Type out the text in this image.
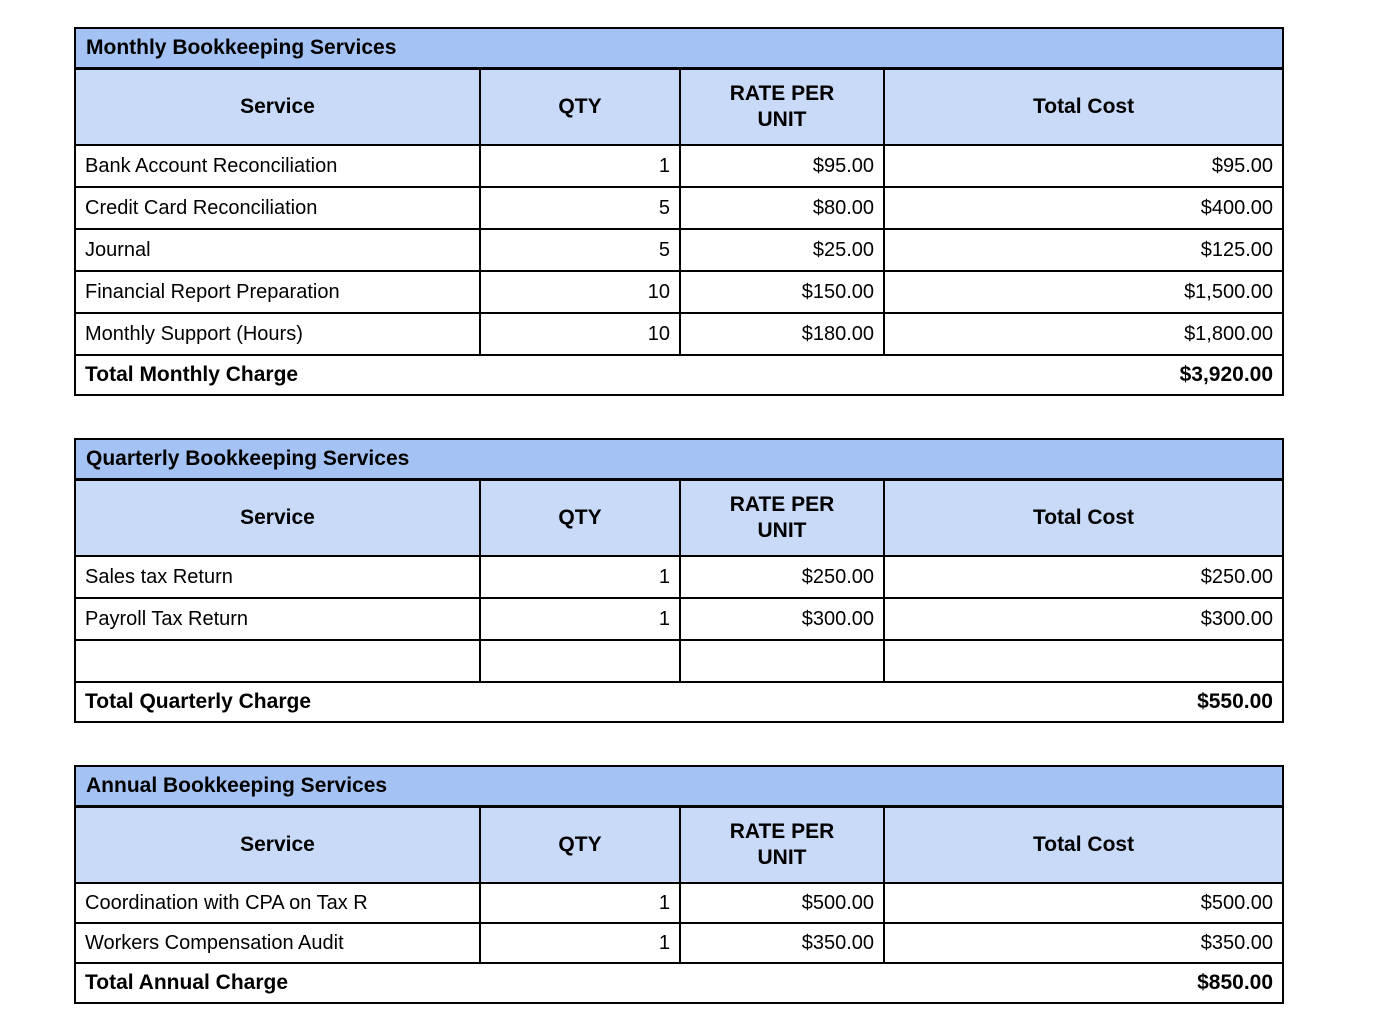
Monthly Bookkeeping Services			
Service	QTY	RATE PER UNIT	Total Cost
Bank Account Reconciliation	1	$95.00	$95.00
Credit Card Reconciliation	5	$80.00	$400.00
Journal	5	$25.00	$125.00
Financial Report Preparation	10	$150.00	$1,500.00
Monthly Support (Hours)	10	$180.00	$1,800.00

Total Monthly Charge $3,920.00			
Quarterly Bookkeeping Services			
Service	QTY	RATE PER UNIT	Total Cost
Sales tax Return	1	$250.00	$250.00
Payroll Tax Return	1	$300.00	$300.00

Total Quarterly Charge $550.00			
Annual Bookkeeping Services			
Service	QTY	RATE PER UNIT	Total Cost
Coordination with CPA on Tax R	1	$500.00	$500.00
Workers Compensation Audit	1	$350.00	$350.00

Total Annual Charge $850.00			
